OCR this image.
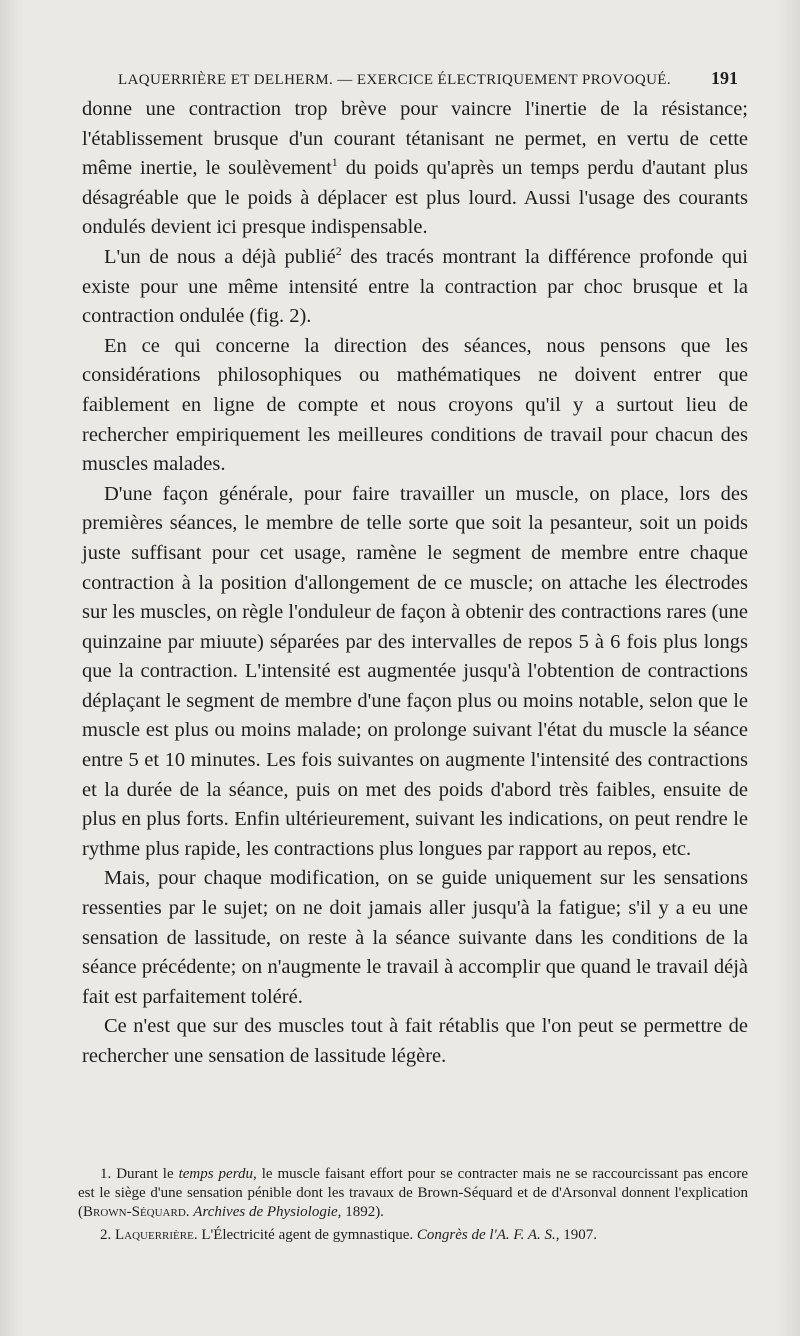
LAQUERRIÈRE ET DELHERM. — EXERCICE ÉLECTRIQUEMENT PROVOQUÉ. 191

donne une contraction trop brève pour vaincre l'inertie de la résistance; l'établissement brusque d'un courant tétanisant ne permet, en vertu de cette même inertie, le soulèvement$^1$ du poids qu'après un temps perdu d'autant plus désagréable que le poids à déplacer est plus lourd. Aussi l'usage des courants ondulés devient ici presque indispensable.

L'un de nous a déjà publié$^2$ des tracés montrant la différence profonde qui existe pour une même intensité entre la contraction par choc brusque et la contraction ondulée (fig. 2).

En ce qui concerne la direction des séances, nous pensons que les considérations philosophiques ou mathématiques ne doivent entrer que faiblement en ligne de compte et nous croyons qu'il y a surtout lieu de rechercher empiriquement les meilleures conditions de travail pour chacun des muscles malades.

D'une façon générale, pour faire travailler un muscle, on place, lors des premières séances, le membre de telle sorte que soit la pesanteur, soit un poids juste suffisant pour cet usage, ramène le segment de membre entre chaque contraction à la position d'allongement de ce muscle; on attache les électrodes sur les muscles, on règle l'onduleur de façon à obtenir des contractions rares (une quinzaine par miuute) séparées par des intervalles de repos 5 à 6 fois plus longs que la contraction. L'intensité est augmentée jusqu'à l'obtention de contractions déplaçant le segment de membre d'une façon plus ou moins notable, selon que le muscle est plus ou moins malade; on prolonge suivant l'état du muscle la séance entre 5 et 10 minutes. Les fois suivantes on augmente l'intensité des contractions et la durée de la séance, puis on met des poids d'abord très faibles, ensuite de plus en plus forts. Enfin ultérieurement, suivant les indications, on peut rendre le rythme plus rapide, les contractions plus longues par rapport au repos, etc.

Mais, pour chaque modification, on se guide uniquement sur les sensations ressenties par le sujet; on ne doit jamais aller jusqu'à la fatigue; s'il y a eu une sensation de lassitude, on reste à la séance suivante dans les conditions de la séance précédente; on n'augmente le travail à accomplir que quand le travail déjà fait est parfaitement toléré.

Ce n'est que sur des muscles tout à fait rétablis que l'on peut se permettre de rechercher une sensation de lassitude légère.

1. Durant le temps perdu, le muscle faisant effort pour se contracter mais ne se raccourcissant pas encore est le siège d'une sensation pénible dont les travaux de Brown-Séquard et de d'Arsonval donnent l'explication (Brown-Séquard. Archives de Physiologie, 1892).

2. Laquerrière. L'Électricité agent de gymnastique. Congrès de l'A. F. A. S., 1907.
